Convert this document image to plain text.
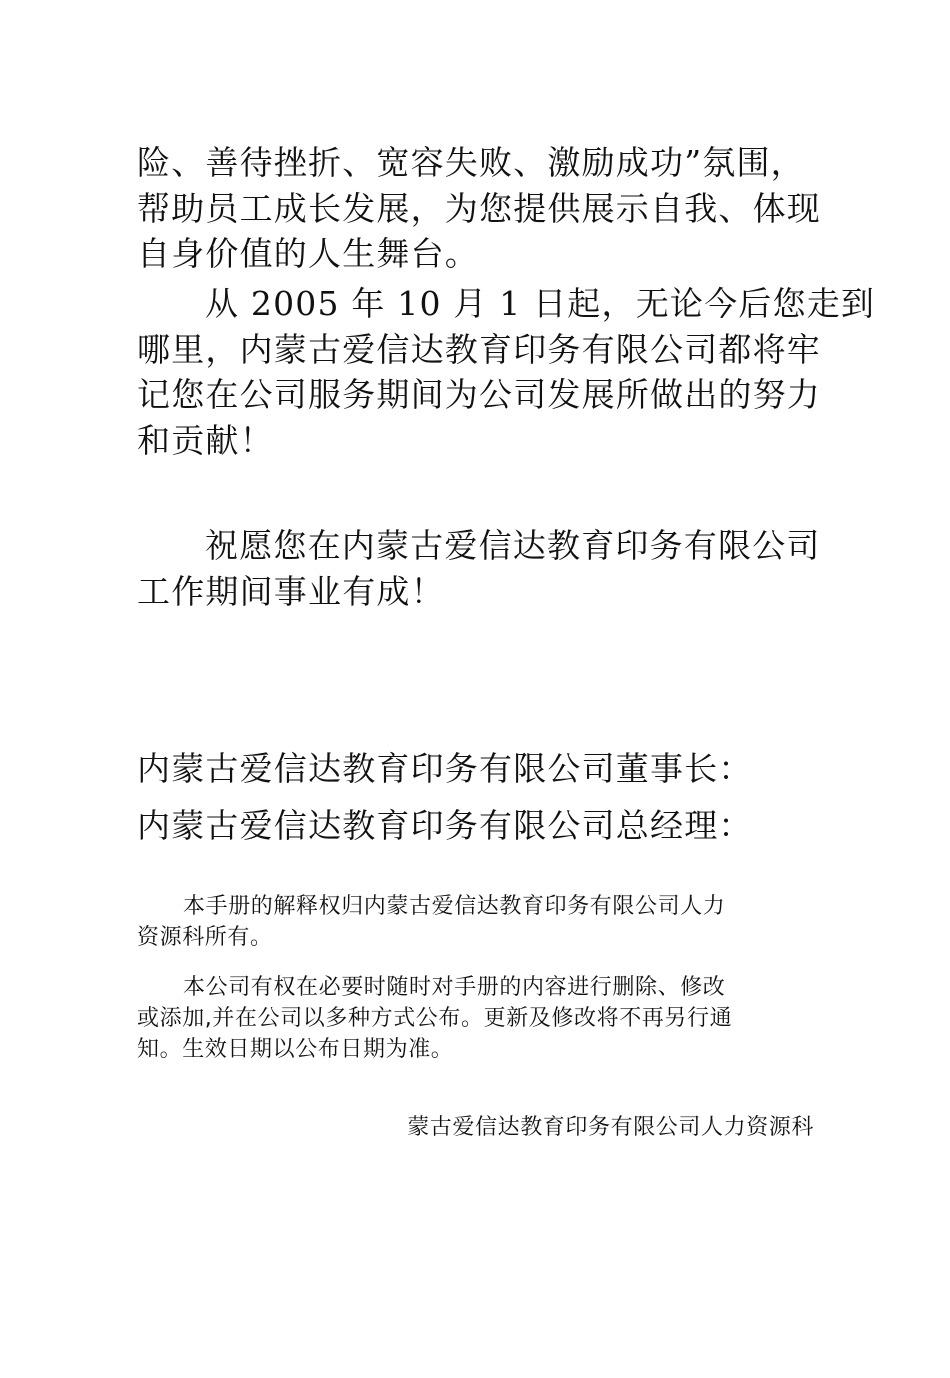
险、善待挫折、宽容失败、激励成功”氛围，
帮助员工成长发展，为您提供展示自我、体现
自身价值的人生舞台。
从 2005 年 10 月 1 日起，无论今后您走到
哪里，内蒙古爱信达教育印务有限公司都将牢
记您在公司服务期间为公司发展所做出的努力
和贡献！
祝愿您在内蒙古爱信达教育印务有限公司
工作期间事业有成！
内蒙古爱信达教育印务有限公司董事长：
内蒙古爱信达教育印务有限公司总经理：
本手册的解释权归内蒙古爱信达教育印务有限公司人力
资源科所有。
本公司有权在必要时随时对手册的内容进行删除、修改
或添加,并在公司以多种方式公布。更新及修改将不再另行通
知。生效日期以公布日期为准。
蒙古爱信达教育印务有限公司人力资源科
